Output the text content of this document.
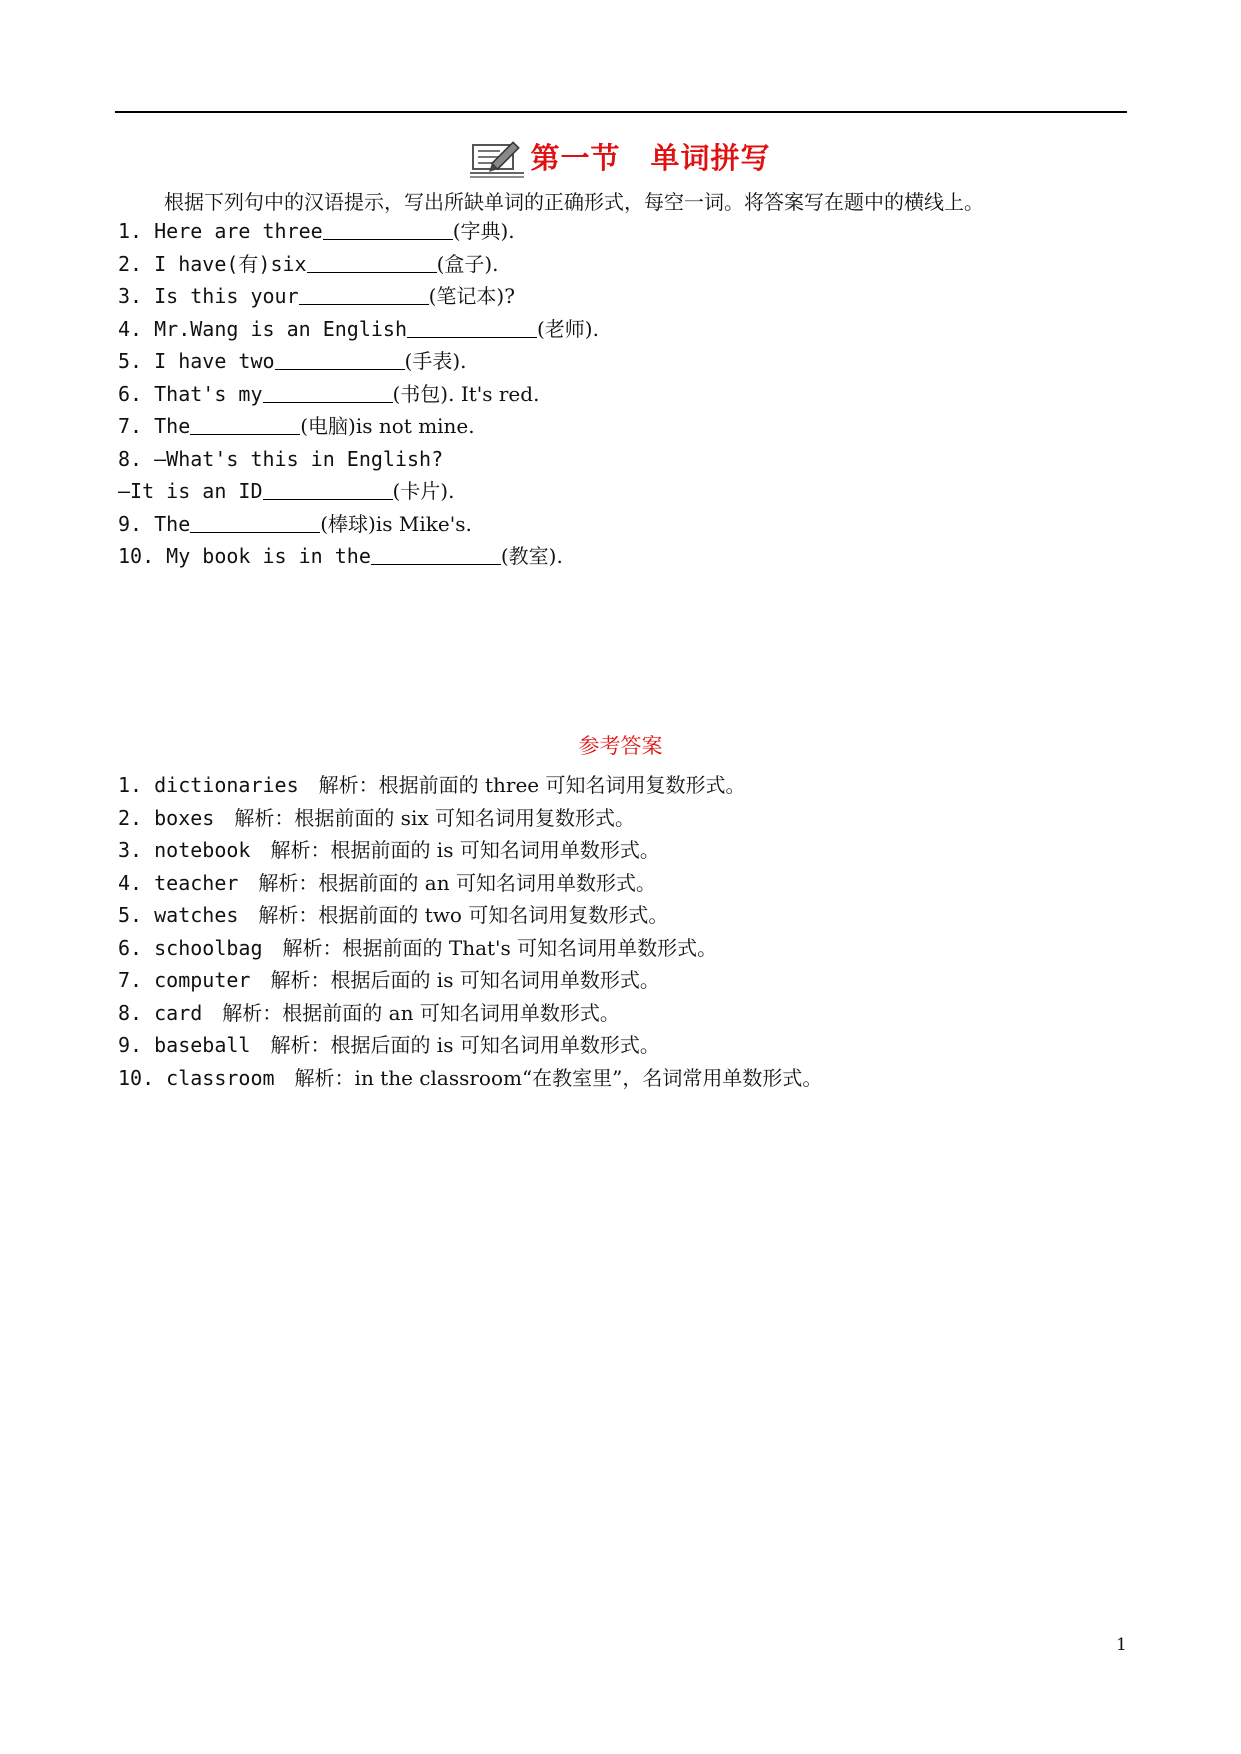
第一节　单词拼写
根据下列句中的汉语提示，写出所缺单词的正确形式，每空一词。将答案写在题中的横线上。
1. Here are three	(字典).
2. I have(有)six	(盒子).
3. Is this your	(笔记本)?
4. Mr.Wang is an English	(老师).
5. I have two	(手表).
6. That's my	(书包). It's red.
7. The	(电脑)is not mine.
8. —What's this in English?
—It is an ID	(卡片).
9. The	(棒球)is Mike's.
10. My book is in the	(教室).
参考答案
1. dictionaries 解析：根据前面的 three 可知名词用复数形式。
2. boxes 解析：根据前面的 six 可知名词用复数形式。
3. notebook 解析：根据前面的 is 可知名词用单数形式。
4. teacher 解析：根据前面的 an 可知名词用单数形式。
5. watches 解析：根据前面的 two 可知名词用复数形式。
6. schoolbag 解析：根据前面的 That's 可知名词用单数形式。
7. computer 解析：根据后面的 is 可知名词用单数形式。
8. card 解析：根据前面的 an 可知名词用单数形式。
9. baseball 解析：根据后面的 is 可知名词用单数形式。
10. classroom 解析：in the classroom“在教室里”，名词常用单数形式。
1
